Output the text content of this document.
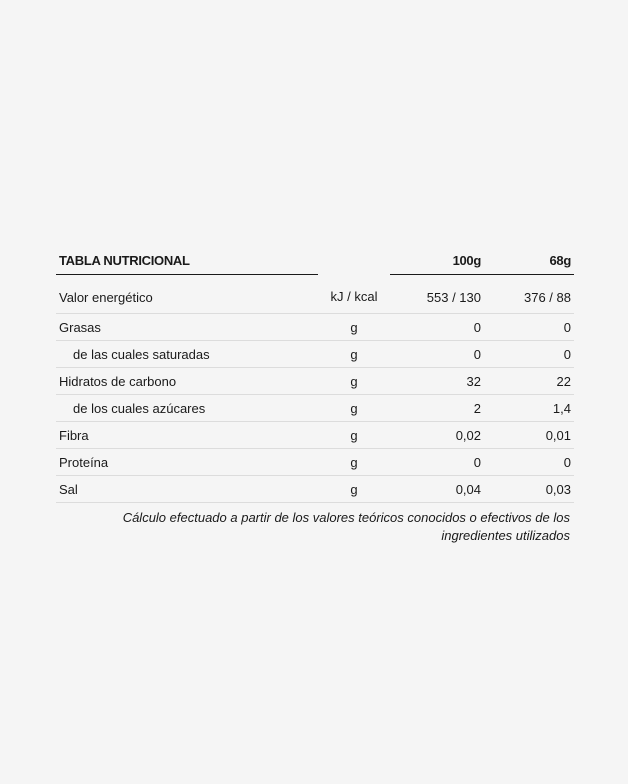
TABLA NUTRICIONAL		100g	68g
Valor energético	kJ / kcal	553 / 130	376 / 88
Grasas	g	0	0
de las cuales saturadas	g	0	0
Hidratos de carbono	g	32	22
de los cuales azúcares	g	2	1,4
Fibra	g	0,02	0,01
Proteína	g	0	0
Sal	g	0,04	0,03

Cálculo efectuado a partir de los valores teóricos conocidos o efectivos de los ingredientes utilizados
